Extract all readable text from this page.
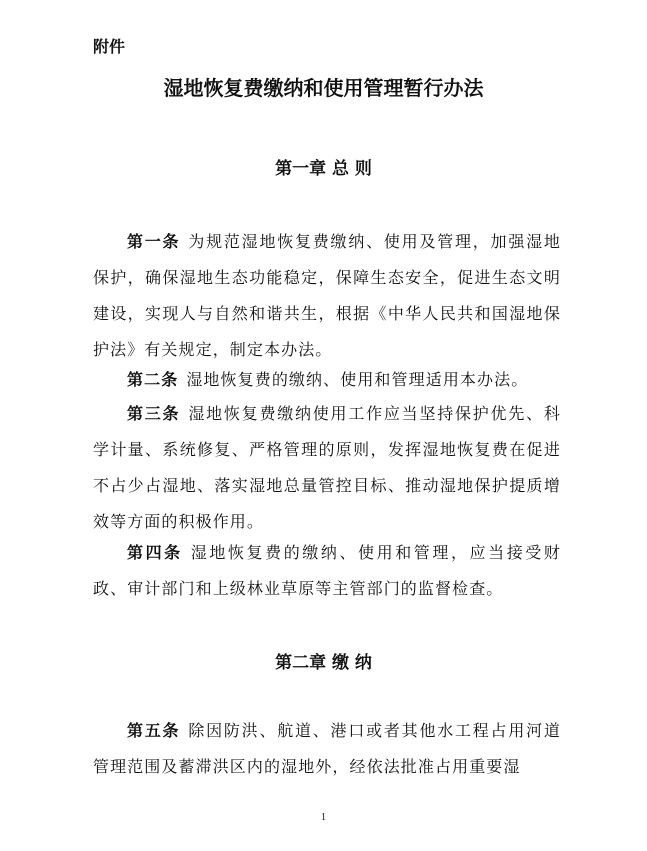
附件
湿地恢复费缴纳和使用管理暂行办法
第一章 总 则
第一条 为规范湿地恢复费缴纳、使用及管理，加强湿地保护，确保湿地生态功能稳定，保障生态安全，促进生态文明建设，实现人与自然和谐共生，根据《中华人民共和国湿地保护法》有关规定，制定本办法。
第二条 湿地恢复费的缴纳、使用和管理适用本办法。
第三条 湿地恢复费缴纳使用工作应当坚持保护优先、科学计量、系统修复、严格管理的原则，发挥湿地恢复费在促进不占少占湿地、落实湿地总量管控目标、推动湿地保护提质增效等方面的积极作用。
第四条 湿地恢复费的缴纳、使用和管理，应当接受财政、审计部门和上级林业草原等主管部门的监督检查。
第二章 缴 纳
第五条 除因防洪、航道、港口或者其他水工程占用河道管理范围及蓄滞洪区内的湿地外，经依法批准占用重要湿
1
